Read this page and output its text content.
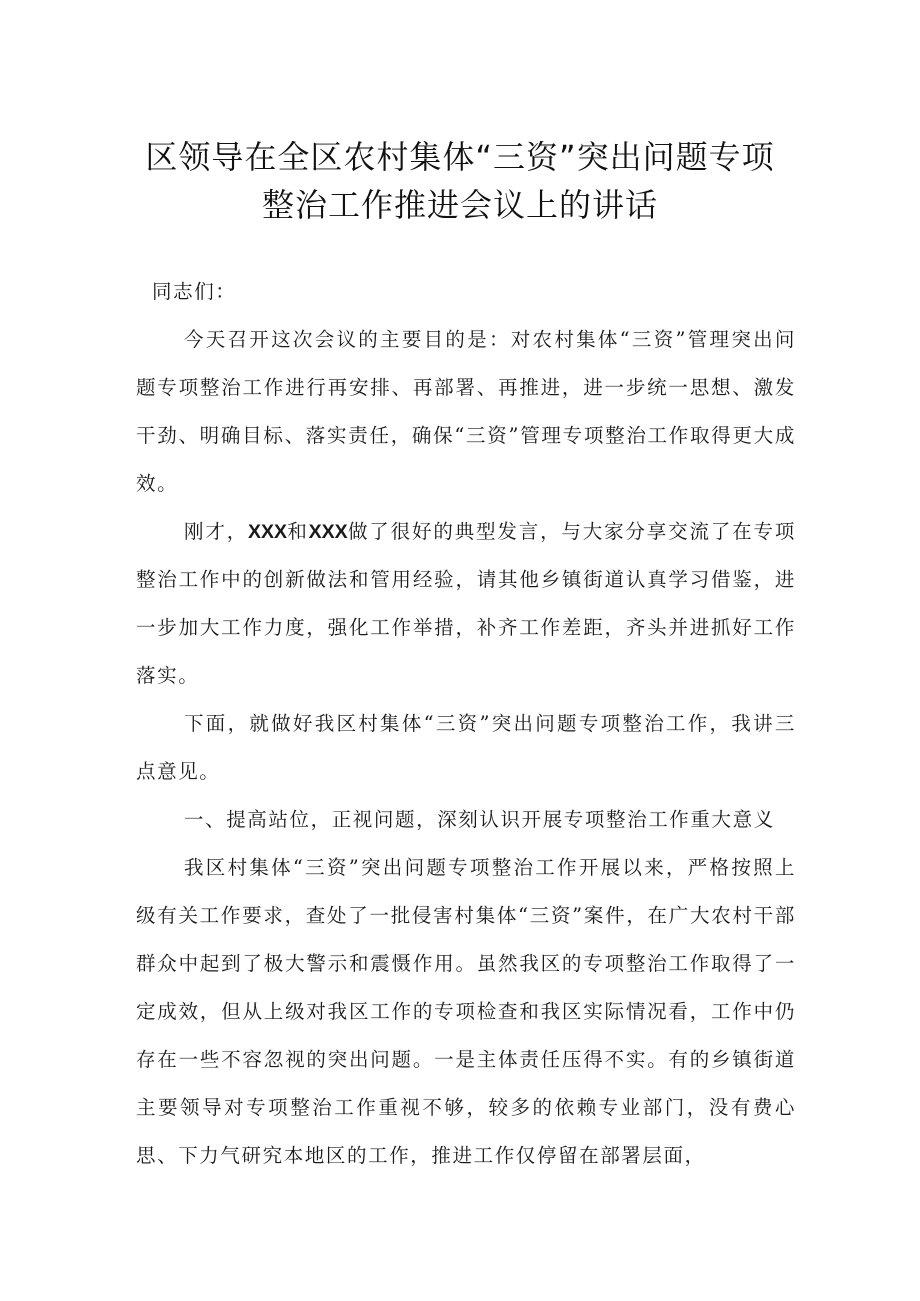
区领导在全区农村集体“三资”突出问题专项
整治工作推进会议上的讲话

同志们：

今天召开这次会议的主要目的是：对农村集体“三资”管理突出问题专项整治工作进行再安排、再部署、再推进，进一步统一思想、激发干劲、明确目标、落实责任，确保“三资”管理专项整治工作取得更大成效。

刚才，XXX和XXX做了很好的典型发言，与大家分享交流了在专项整治工作中的创新做法和管用经验，请其他乡镇街道认真学习借鉴，进一步加大工作力度，强化工作举措，补齐工作差距，齐头并进抓好工作落实。

下面，就做好我区村集体“三资”突出问题专项整治工作，我讲三点意见。

一、提高站位，正视问题，深刻认识开展专项整治工作重大意义

我区村集体“三资”突出问题专项整治工作开展以来，严格按照上级有关工作要求，查处了一批侵害村集体“三资”案件，在广大农村干部群众中起到了极大警示和震慑作用。虽然我区的专项整治工作取得了一定成效，但从上级对我区工作的专项检查和我区实际情况看，工作中仍存在一些不容忽视的突出问题。一是主体责任压得不实。有的乡镇街道主要领导对专项整治工作重视不够，较多的依赖专业部门，没有费心思、下力气研究本地区的工作，推进工作仅停留在部署层面，
